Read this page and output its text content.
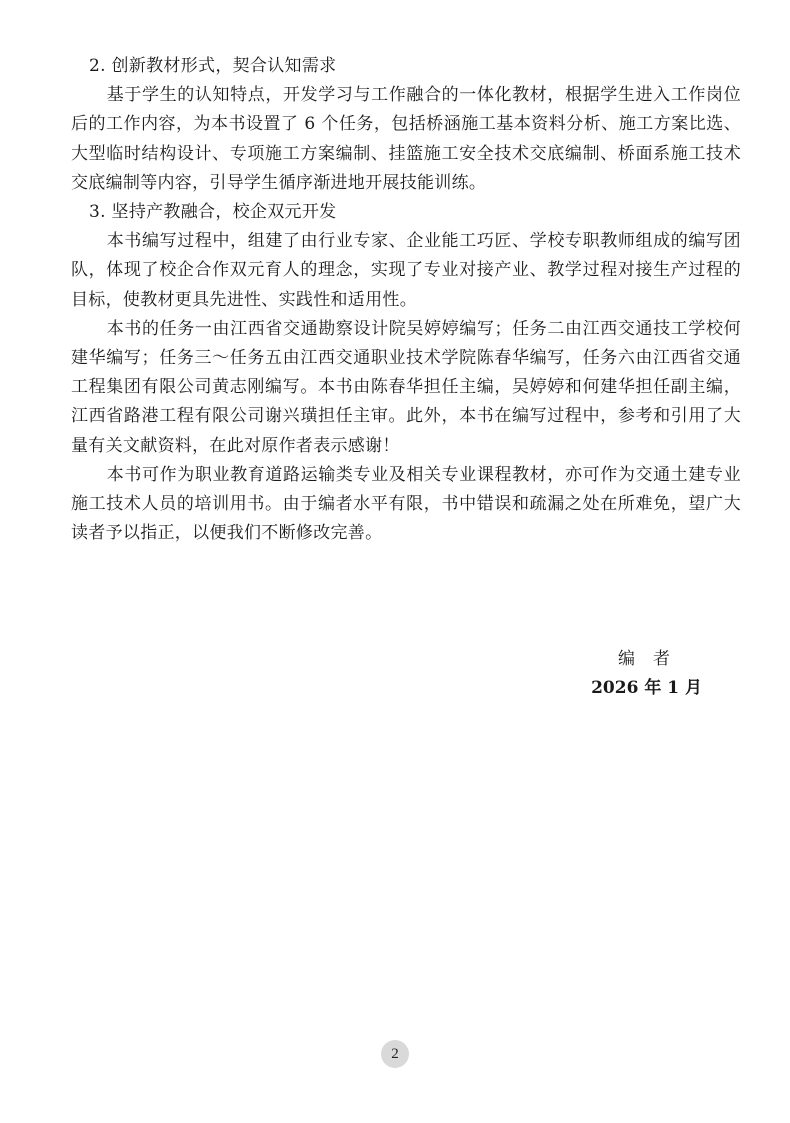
2. 创新教材形式，契合认知需求

基于学生的认知特点，开发学习与工作融合的一体化教材，根据学生进入工作岗位后的工作内容，为本书设置了 6 个任务，包括桥涵施工基本资料分析、施工方案比选、大型临时结构设计、专项施工方案编制、挂篮施工安全技术交底编制、桥面系施工技术交底编制等内容，引导学生循序渐进地开展技能训练。

3. 坚持产教融合，校企双元开发

本书编写过程中，组建了由行业专家、企业能工巧匠、学校专职教师组成的编写团队，体现了校企合作双元育人的理念，实现了专业对接产业、教学过程对接生产过程的目标，使教材更具先进性、实践性和适用性。

本书的任务一由江西省交通勘察设计院吴婷婷编写；任务二由江西交通技工学校何建华编写；任务三～任务五由江西交通职业技术学院陈春华编写，任务六由江西省交通工程集团有限公司黄志刚编写。本书由陈春华担任主编，吴婷婷和何建华担任副主编，江西省路港工程有限公司谢兴璜担任主审。此外，本书在编写过程中，参考和引用了大量有关文献资料，在此对原作者表示感谢！

本书可作为职业教育道路运输类专业及相关专业课程教材，亦可作为交通土建专业施工技术人员的培训用书。由于编者水平有限，书中错误和疏漏之处在所难免，望广大读者予以指正，以便我们不断修改完善。

编者
2026 年 1 月
2
